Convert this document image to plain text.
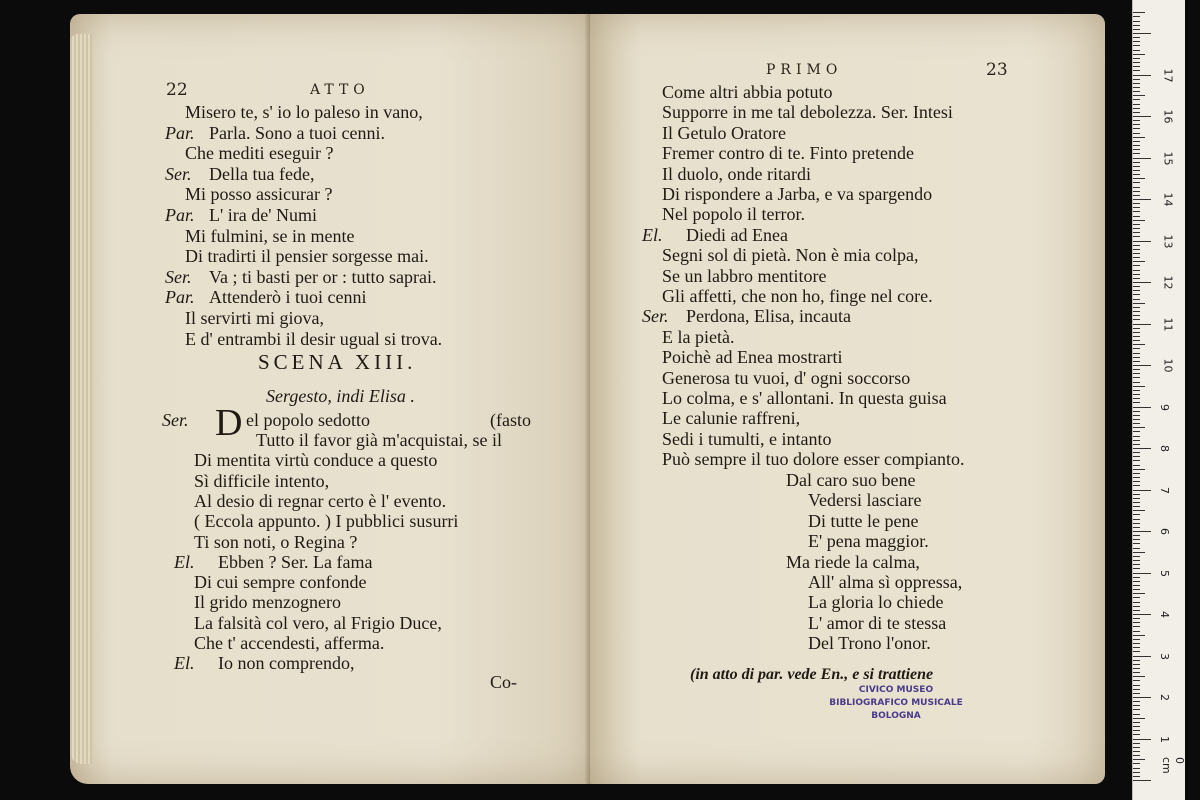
22	ATTO
Misero te, s' io lo paleso in vano,
Par. Parla. Sono a tuoi cenni.
Che mediti eseguir ?
Ser. Della tua fede,
Mi posso assicurar ?
Par. L' ira de' Numi
Mi fulmini, se in mente
Di tradirti il pensier sorgesse mai.
Ser. Va ; ti basti per or : tutto saprai.
Par. Attenderò i tuoi cenni
Il servirti mi giova,
E d' entrambi il desir ugual si trova.
SCENA XIII.
Sergesto, indi Elisa .
Ser. D el popolo sedotto	(fasto
Tutto il favor già m'acquistai, se il
Di mentita virtù conduce a questo
Sì difficile intento,
Al desio di regnar certo è l' evento.
( Eccola appunto. ) I pubblici susurri
Ti son noti, o Regina ?
El. Ebben ? Ser. La fama
Di cui sempre confonde
Il grido menzognero
La falsità col vero, al Frigio Duce,
Che t' accendesti, afferma.
El. Io non comprendo,
Co-
PRIMO	23
Come altri abbia potuto
Supporre in me tal debolezza. Ser. Intesi
Il Getulo Oratore
Fremer contro di te. Finto pretende
Il duolo, onde ritardi
Di rispondere a Jarba, e va spargendo
Nel popolo il terror.
El. Diedi ad Enea
Segni sol di pietà. Non è mia colpa,
Se un labbro mentitore
Gli affetti, che non ho, finge nel core.
Ser. Perdona, Elisa, incauta
E la pietà.
Poichè ad Enea mostrarti
Generosa tu vuoi, d' ogni soccorso
Lo colma, e s' allontani. In questa guisa
Le calunie raffreni,
Sedi i tumulti, e intanto
Può sempre il tuo dolore esser compianto.
Dal caro suo bene
Vedersi lasciare
Di tutte le pene
E' pena maggior.
Ma riede la calma,
All' alma sì oppressa,
La gloria lo chiede
L' amor di te stessa
Del Trono l'onor.
(in atto di par. vede En., e si trattiene
CIVICO MUSEO
BIBLIOGRAFICO MUSICALE
BOLOGNA
0 cm
1
2
3
4
5
6
7
8
9
10
11
12
13
14
15
16
17
